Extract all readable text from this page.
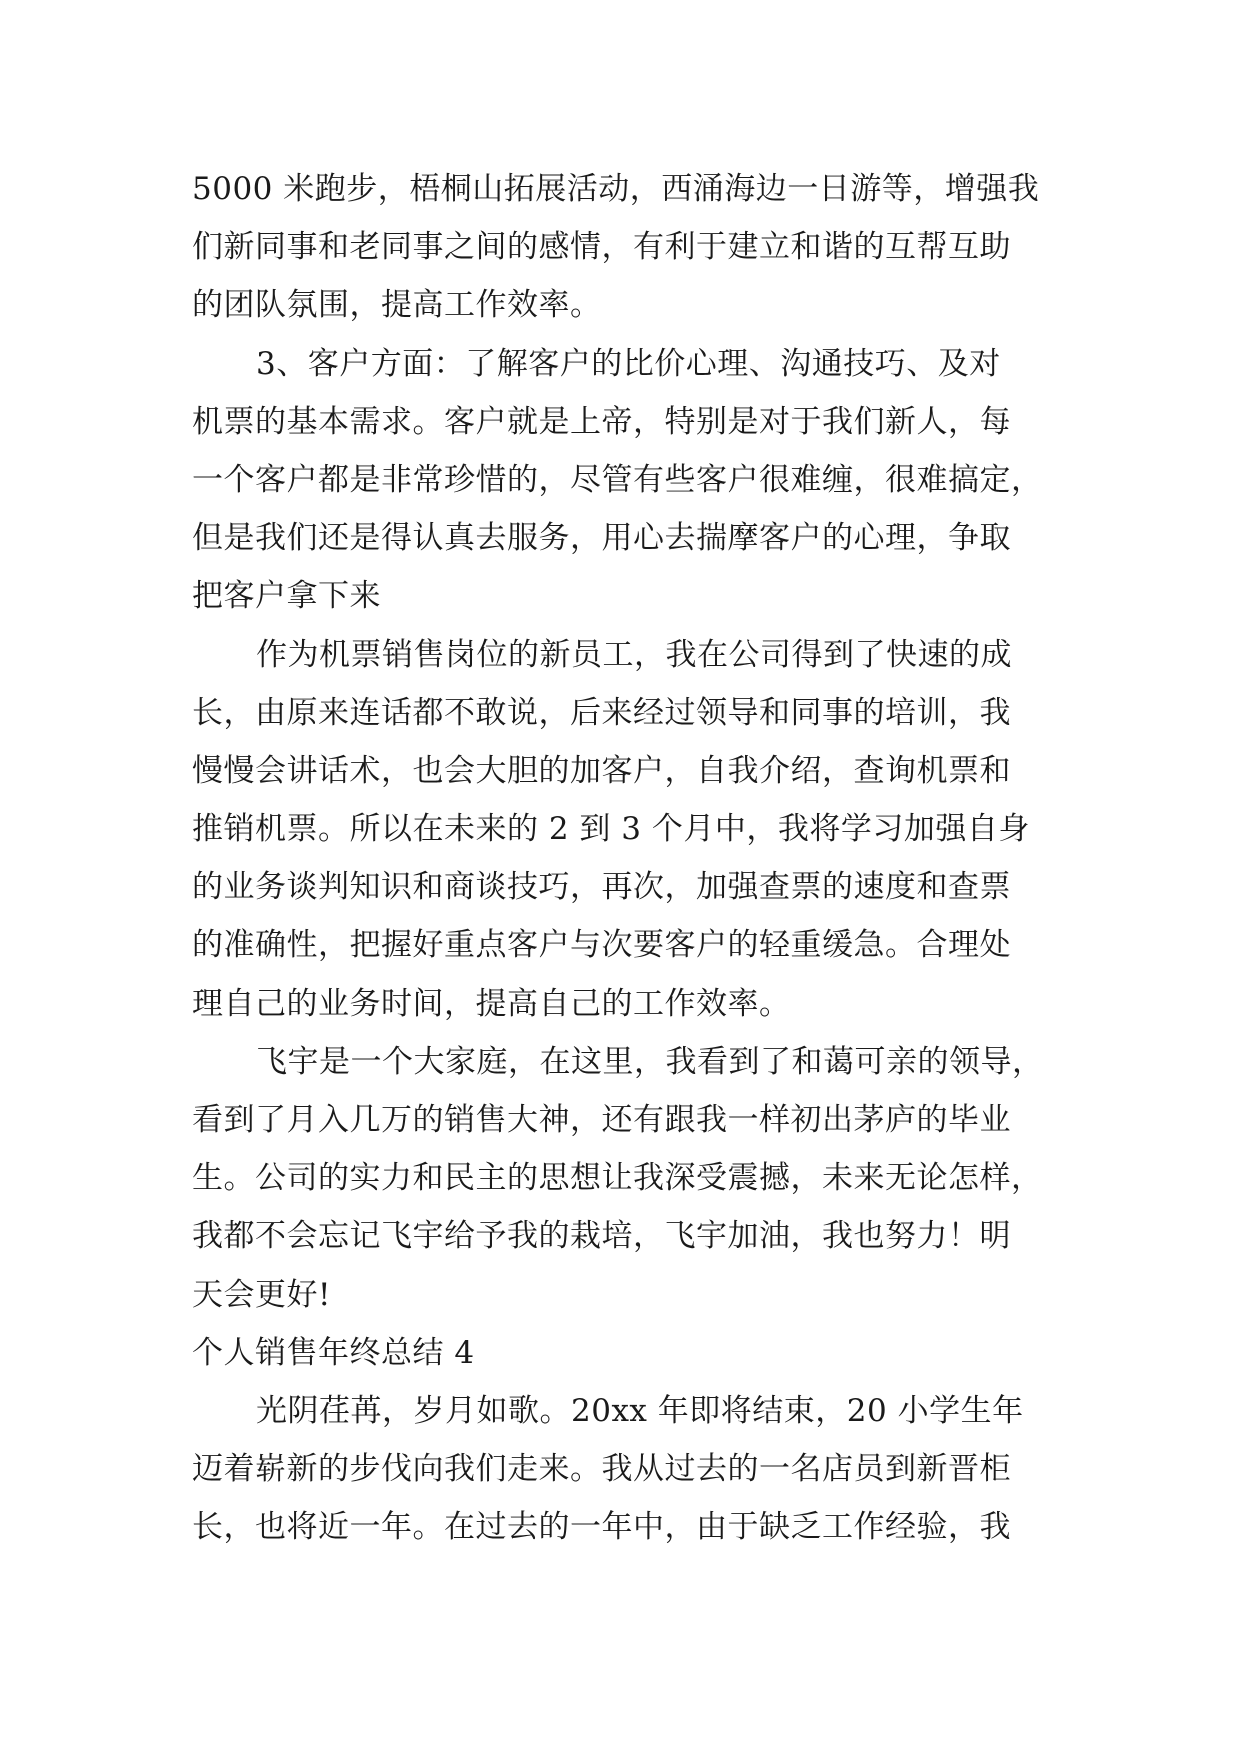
5000 米跑步，梧桐山拓展活动，西涌海边一日游等，增强我
们新同事和老同事之间的感情，有利于建立和谐的互帮互助
的团队氛围，提高工作效率。
3、客户方面：了解客户的比价心理、沟通技巧、及对
机票的基本需求。客户就是上帝，特别是对于我们新人，每
一个客户都是非常珍惜的，尽管有些客户很难缠，很难搞定，
但是我们还是得认真去服务，用心去揣摩客户的心理，争取
把客户拿下来
作为机票销售岗位的新员工，我在公司得到了快速的成
长，由原来连话都不敢说，后来经过领导和同事的培训，我
慢慢会讲话术，也会大胆的加客户，自我介绍，查询机票和
推销机票。所以在未来的 2 到 3 个月中，我将学习加强自身
的业务谈判知识和商谈技巧，再次，加强查票的速度和查票
的准确性，把握好重点客户与次要客户的轻重缓急。合理处
理自己的业务时间，提高自己的工作效率。
飞宇是一个大家庭，在这里，我看到了和蔼可亲的领导，
看到了月入几万的销售大神，还有跟我一样初出茅庐的毕业
生。公司的实力和民主的思想让我深受震撼，未来无论怎样，
我都不会忘记飞宇给予我的栽培，飞宇加油，我也努力！明
天会更好!
个人销售年终总结 4
光阴荏苒，岁月如歌。20xx 年即将结束，20 小学生年
迈着崭新的步伐向我们走来。我从过去的一名店员到新晋柜
长，也将近一年。在过去的一年中，由于缺乏工作经验，我
